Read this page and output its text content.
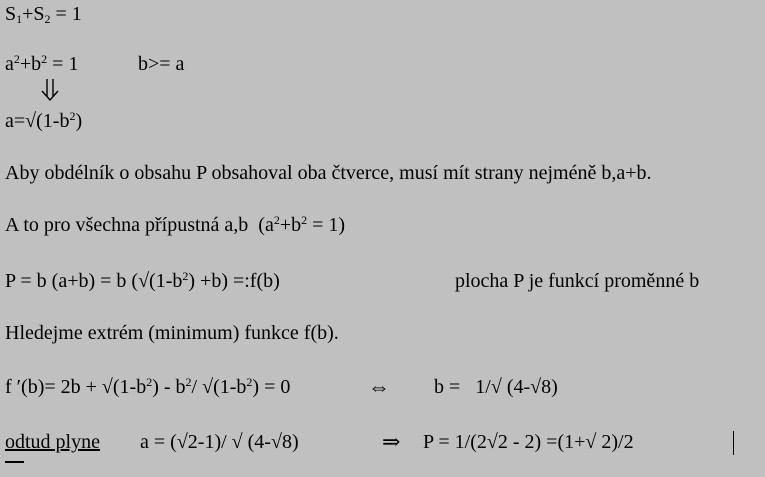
$S_1+S_2 = 1$
$a^2+b^2 = 1$	b>= a
$a=√(1-b^2)$
Aby obdélník o obsahu P obsahoval oba čtverce, musí mít strany nejméně b,a+b.
A to pro všechna přípustná a,b  $(a^2+b^2 = 1)$
P = b (a+b) = b $(√(1-b^2) +b)$ =:f(b)	plocha P je funkcí proměnné b
Hledejme extrém (minimum) funkce f(b).
f $'(b)= 2b + √(1-b^2) - b^2/$ $√(1-b^2) = 0$	⇔ b =   1/√ (4-√8)
odtud plyne a = (√2-1)/ √ (4-√8)	⇒ P = 1/(2√2 - 2) =(1+√ 2)/2
